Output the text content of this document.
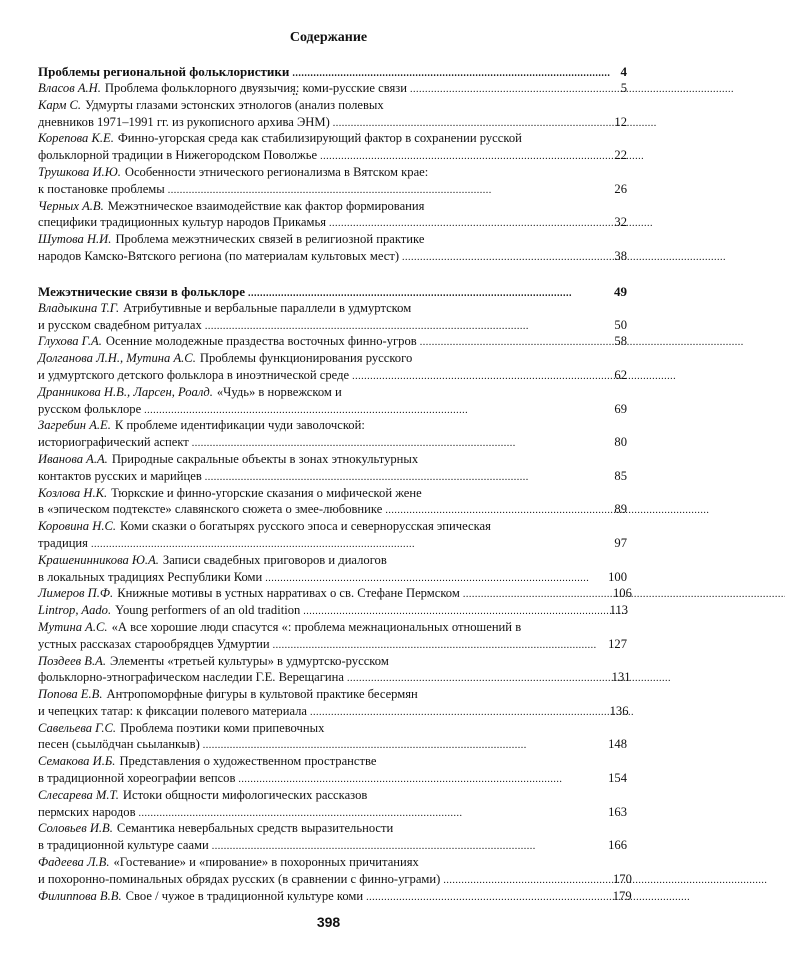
Содержание
Проблемы региональной фольклористики . . .	4
Власов А.Н. Проблема фольклорного двуязычия: коми-русские связи . . .	5
Карм С. Удмурты глазами эстонских этнологов (анализ полевых
дневников 1971–1991 гг. из рукописного архива ЭНМ) . . .	12
Корепова К.Е. Финно-угорская среда как стабилизирующий фактор в сохранении русской
фольклорной традиции в Нижегородском Поволжье . . .	22
Трушкова И.Ю. Особенности этнического регионализма в Вятском крае:
к постановке проблемы . . .	26
Черных А.В. Межэтническое взаимодействие как фактор формирования
специфики традиционных культур народов Прикамья . . .	32
Шутова Н.И. Проблема межэтнических связей в религиозной практике
народов Камско-Вятского региона (по материалам культовых мест) . . .	38
Межэтнические связи в фольклоре . . .	49
Владыкина Т.Г. Атрибутивные и вербальные параллели в удмуртском
и русском свадебном ритуалах . . .	50
Глухова Г.А. Осенние молодежные праздества восточных финно-угров . . .	58
Долганова Л.Н., Мутина А.С. Проблемы функционирования русского
и удмуртского детского фольклора в иноэтнической среде . . .	62
Дранникова Н.В., Ларсен, Роалд. «Чудь» в норвежском и
русском фольклоре . . .	69
Загребин А.Е. К проблеме идентификации чуди заволочской:
историографический аспект . . .	80
Иванова А.А. Природные сакральные объекты в зонах этнокультурных
контактов русских и марийцев . . .	85
Козлова Н.К. Тюркские и финно-угорские сказания о мифической жене
в «эпическом подтексте» славянского сюжета о змее-любовнике . . .	89
Коровина Н.С. Коми сказки о богатырях русского эпоса и севернорусская эпическая
традиция . . .	97
Крашенинникова Ю.А. Записи свадебных приговоров и диалогов
в локальных традициях Республики Коми . . .	100
Лимеров П.Ф. Книжные мотивы в устных нарративах о св. Стефане Пермском . . .	106
Lintrop, Aado. Young performers of an old tradition . . .	113
Мутина А.С. «А все хорошие люди спасутся «: проблема межнациональных отношений в
устных рассказах старообрядцев Удмуртии . . .	127
Поздеев В.А. Элементы «третьей культуры» в удмуртско-русском
фольклорно-этнографическом наследии Г.Е. Верещагина . . .	131
Попова Е.В. Антропоморфные фигуры в культовой практике бесермян
и чепецких татар: к фиксации полевого материала . . .	136
Савельева Г.С. Проблема поэтики коми припевочных
песен (сьылӧдчан сьыланкыв) . . .	148
Семакова И.Б. Представления о художественном пространстве
в традиционной хореографии вепсов . . .	154
Слесарева М.Т. Истоки общности мифологических рассказов
пермских народов . . .	163
Соловьев И.В. Семантика невербальных средств выразительности
в традиционной культуре саами . . .	166
Фадеева Л.В. «Гостевание» и «пирование» в похоронных причитаниях
и похоронно-поминальных обрядах русских (в сравнении с финно-уграми) . . .	170
Филиппова В.В. Свое / чужое в традиционной культуре коми . . .	179
398
